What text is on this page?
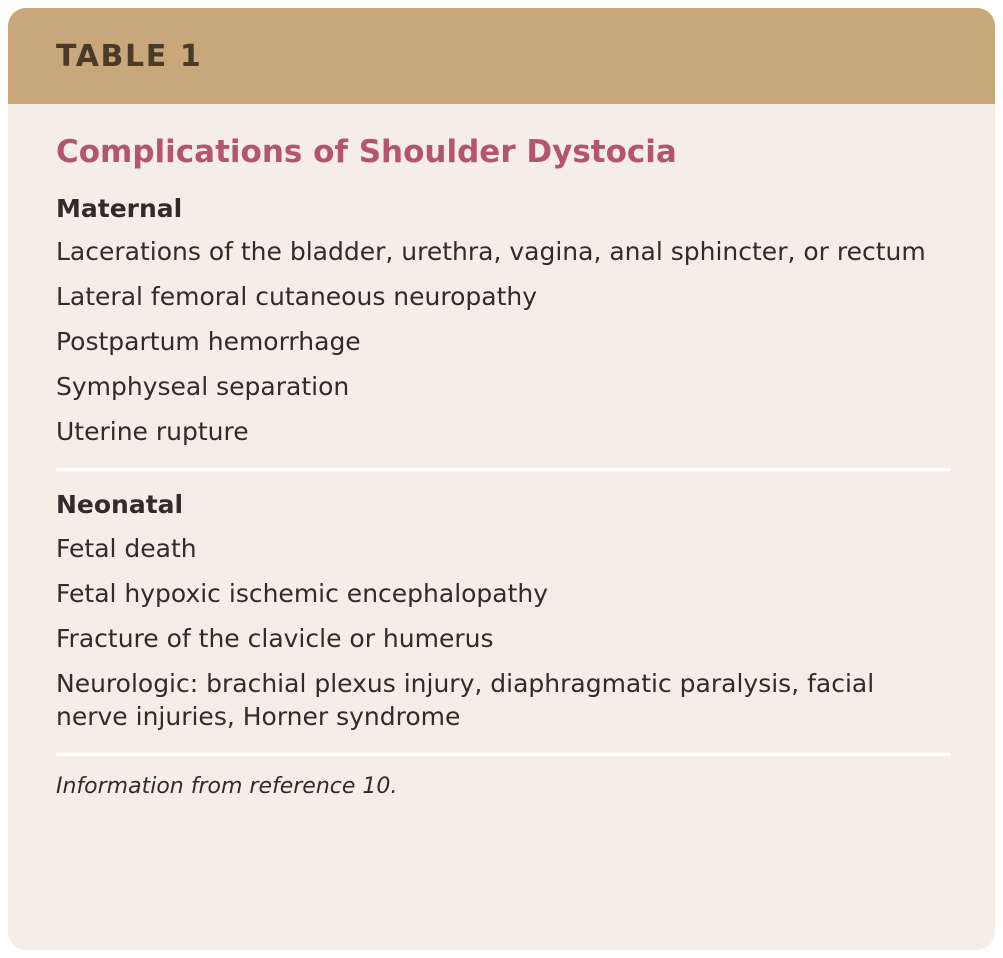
TABLE 1
Complications of Shoulder Dystocia
Maternal

Lacerations of the bladder, urethra, vagina, anal sphincter, or rectum

Lateral femoral cutaneous neuropathy

Postpartum hemorrhage

Symphyseal separation

Uterine rupture

Neonatal

Fetal death

Fetal hypoxic ischemic encephalopathy

Fracture of the clavicle or humerus

Neurologic: brachial plexus injury, diaphragmatic paralysis, facial nerve injuries, Horner syndrome

Information from reference 10.
